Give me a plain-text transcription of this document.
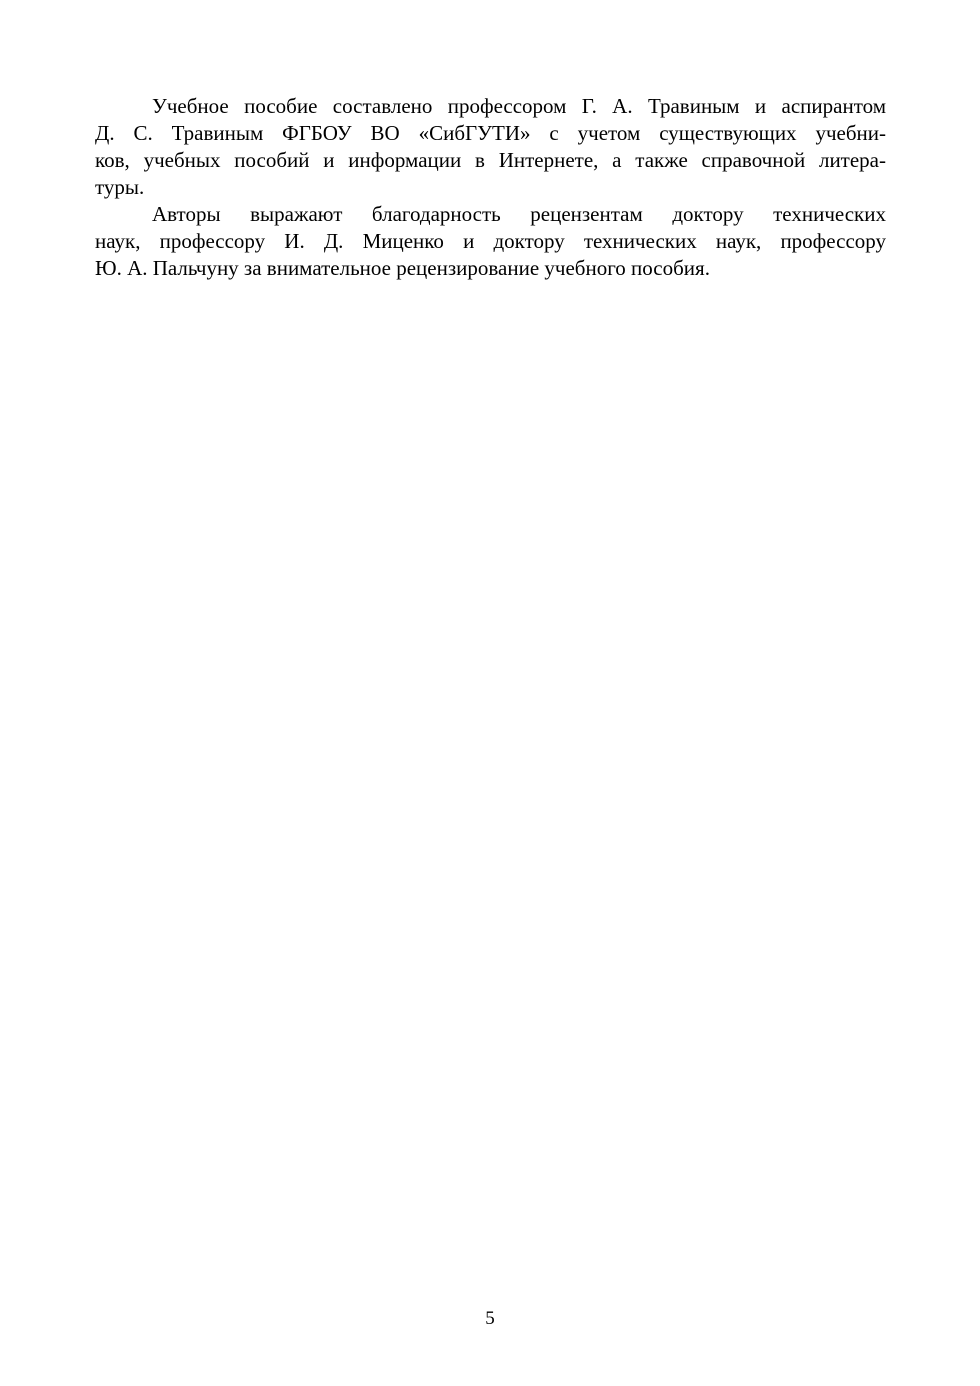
Учебное пособие составлено профессором Г. А. Травиным и аспирантом
Д. С. Травиным ФГБОУ ВО «СибГУТИ» с учетом существующих учебни-
ков, учебных пособий и информации в Интернете, а также справочной литера-
туры.
Авторы выражают благодарность рецензентам доктору технических
наук, профессору И. Д. Миценко и доктору технических наук, профессору
Ю. А. Пальчуну за внимательное рецензирование учебного пособия.
5
